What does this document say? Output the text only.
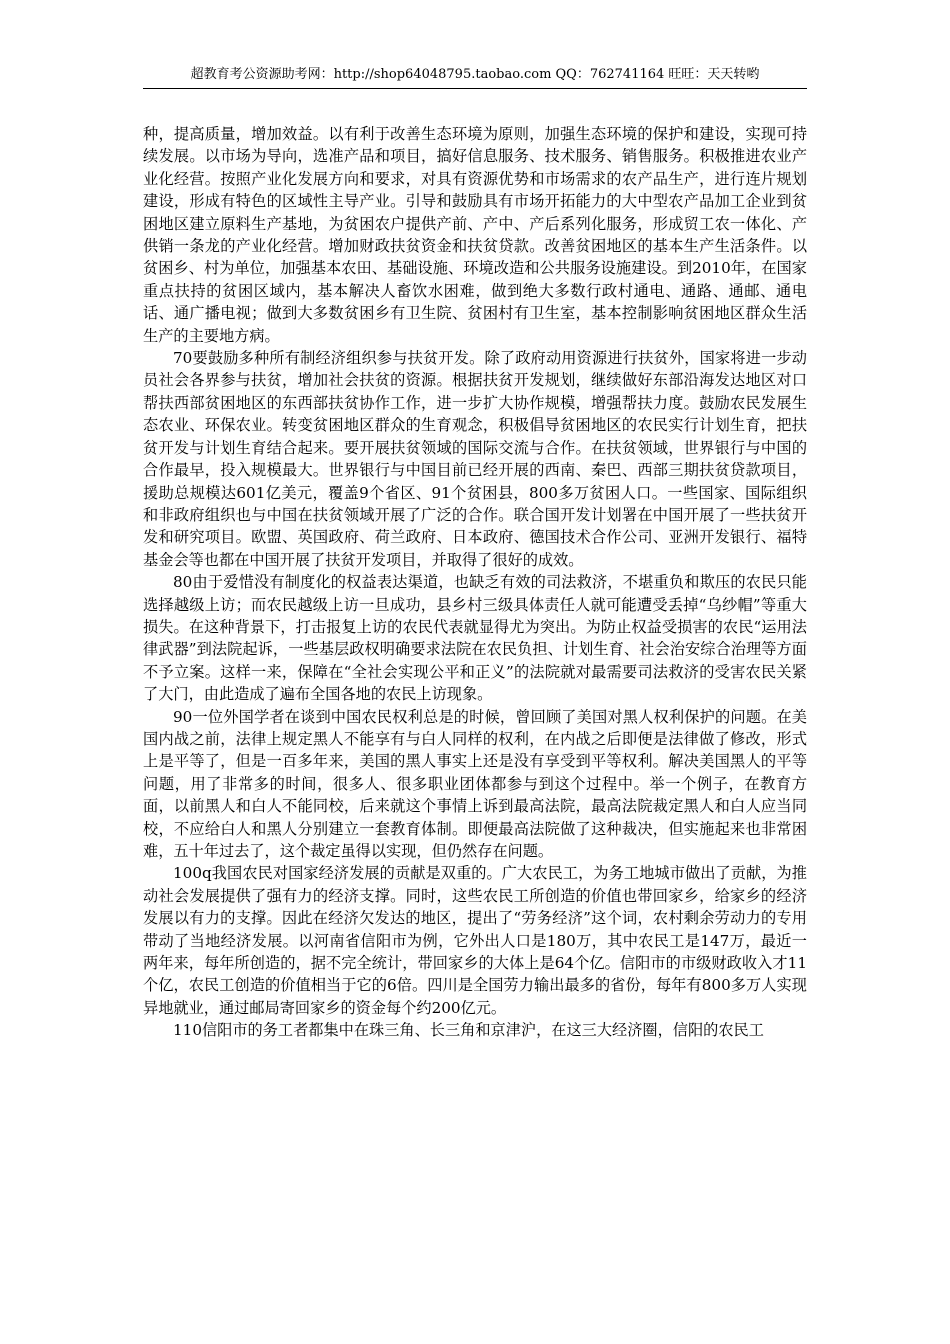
超教育考公资源助考网：http://shop64048795.taobao.com QQ：762741164 旺旺：天天转哟

种，提高质量，增加效益。以有利于改善生态环境为原则，加强生态环境的保护和建设，实现可持续发展。以市场为导向，选准产品和项目，搞好信息服务、技术服务、销售服务。积极推进农业产业化经营。按照产业化发展方向和要求，对具有资源优势和市场需求的农产品生产，进行连片规划建设，形成有特色的区域性主导产业。引导和鼓励具有市场开拓能力的大中型农产品加工企业到贫困地区建立原料生产基地，为贫困农户提供产前、产中、产后系列化服务，形成贸工农一体化、产供销一条龙的产业化经营。增加财政扶贫资金和扶贫贷款。改善贫困地区的基本生产生活条件。以贫困乡、村为单位，加强基本农田、基础设施、环境改造和公共服务设施建设。到2010年，在国家重点扶持的贫困区域内，基本解决人畜饮水困难，做到绝大多数行政村通电、通路、通邮、通电话、通广播电视；做到大多数贫困乡有卫生院、贫困村有卫生室，基本控制影响贫困地区群众生活生产的主要地方病。

70要鼓励多种所有制经济组织参与扶贫开发。除了政府动用资源进行扶贫外，国家将进一步动员社会各界参与扶贫，增加社会扶贫的资源。根据扶贫开发规划，继续做好东部沿海发达地区对口帮扶西部贫困地区的东西部扶贫协作工作，进一步扩大协作规模，增强帮扶力度。鼓励农民发展生态农业、环保农业。转变贫困地区群众的生育观念，积极倡导贫困地区的农民实行计划生育，把扶贫开发与计划生育结合起来。要开展扶贫领域的国际交流与合作。在扶贫领域，世界银行与中国的合作最早，投入规模最大。世界银行与中国目前已经开展的西南、秦巴、西部三期扶贫贷款项目，援助总规模达601亿美元，覆盖9个省区、91个贫困县，800多万贫困人口。一些国家、国际组织和非政府组织也与中国在扶贫领域开展了广泛的合作。联合国开发计划署在中国开展了一些扶贫开发和研究项目。欧盟、英国政府、荷兰政府、日本政府、德国技术合作公司、亚洲开发银行、福特基金会等也都在中国开展了扶贫开发项目，并取得了很好的成效。

80由于爱惜没有制度化的权益表达渠道，也缺乏有效的司法救济，不堪重负和欺压的农民只能选择越级上访；而农民越级上访一旦成功，县乡村三级具体责任人就可能遭受丢掉“乌纱帽”等重大损失。在这种背景下，打击报复上访的农民代表就显得尤为突出。为防止权益受损害的农民“运用法律武器”到法院起诉，一些基层政权明确要求法院在农民负担、计划生育、社会治安综合治理等方面不予立案。这样一来，保障在“全社会实现公平和正义”的法院就对最需要司法救济的受害农民关紧了大门，由此造成了遍布全国各地的农民上访现象。

90一位外国学者在谈到中国农民权利总是的时候，曾回顾了美国对黑人权利保护的问题。在美国内战之前，法律上规定黑人不能享有与白人同样的权利，在内战之后即便是法律做了修改，形式上是平等了，但是一百多年来，美国的黑人事实上还是没有享受到平等权利。解决美国黑人的平等问题，用了非常多的时间，很多人、很多职业团体都参与到这个过程中。举一个例子，在教育方面，以前黑人和白人不能同校，后来就这个事情上诉到最高法院，最高法院裁定黑人和白人应当同校，不应给白人和黑人分别建立一套教育体制。即便最高法院做了这种裁决，但实施起来也非常困难，五十年过去了，这个裁定虽得以实现，但仍然存在问题。

100q我国农民对国家经济发展的贡献是双重的。广大农民工，为务工地城市做出了贡献，为推动社会发展提供了强有力的经济支撑。同时，这些农民工所创造的价值也带回家乡，给家乡的经济发展以有力的支撑。因此在经济欠发达的地区，提出了“劳务经济”这个词，农村剩余劳动力的专用带动了当地经济发展。以河南省信阳市为例，它外出人口是180万，其中农民工是147万，最近一两年来，每年所创造的，据不完全统计，带回家乡的大体上是64个亿。信阳市的市级财政收入才11个亿，农民工创造的价值相当于它的6倍。四川是全国劳力输出最多的省份，每年有800多万人实现异地就业，通过邮局寄回家乡的资金每个约200亿元。

110信阳市的务工者都集中在珠三角、长三角和京津沪，在这三大经济圈，信阳的农民工
